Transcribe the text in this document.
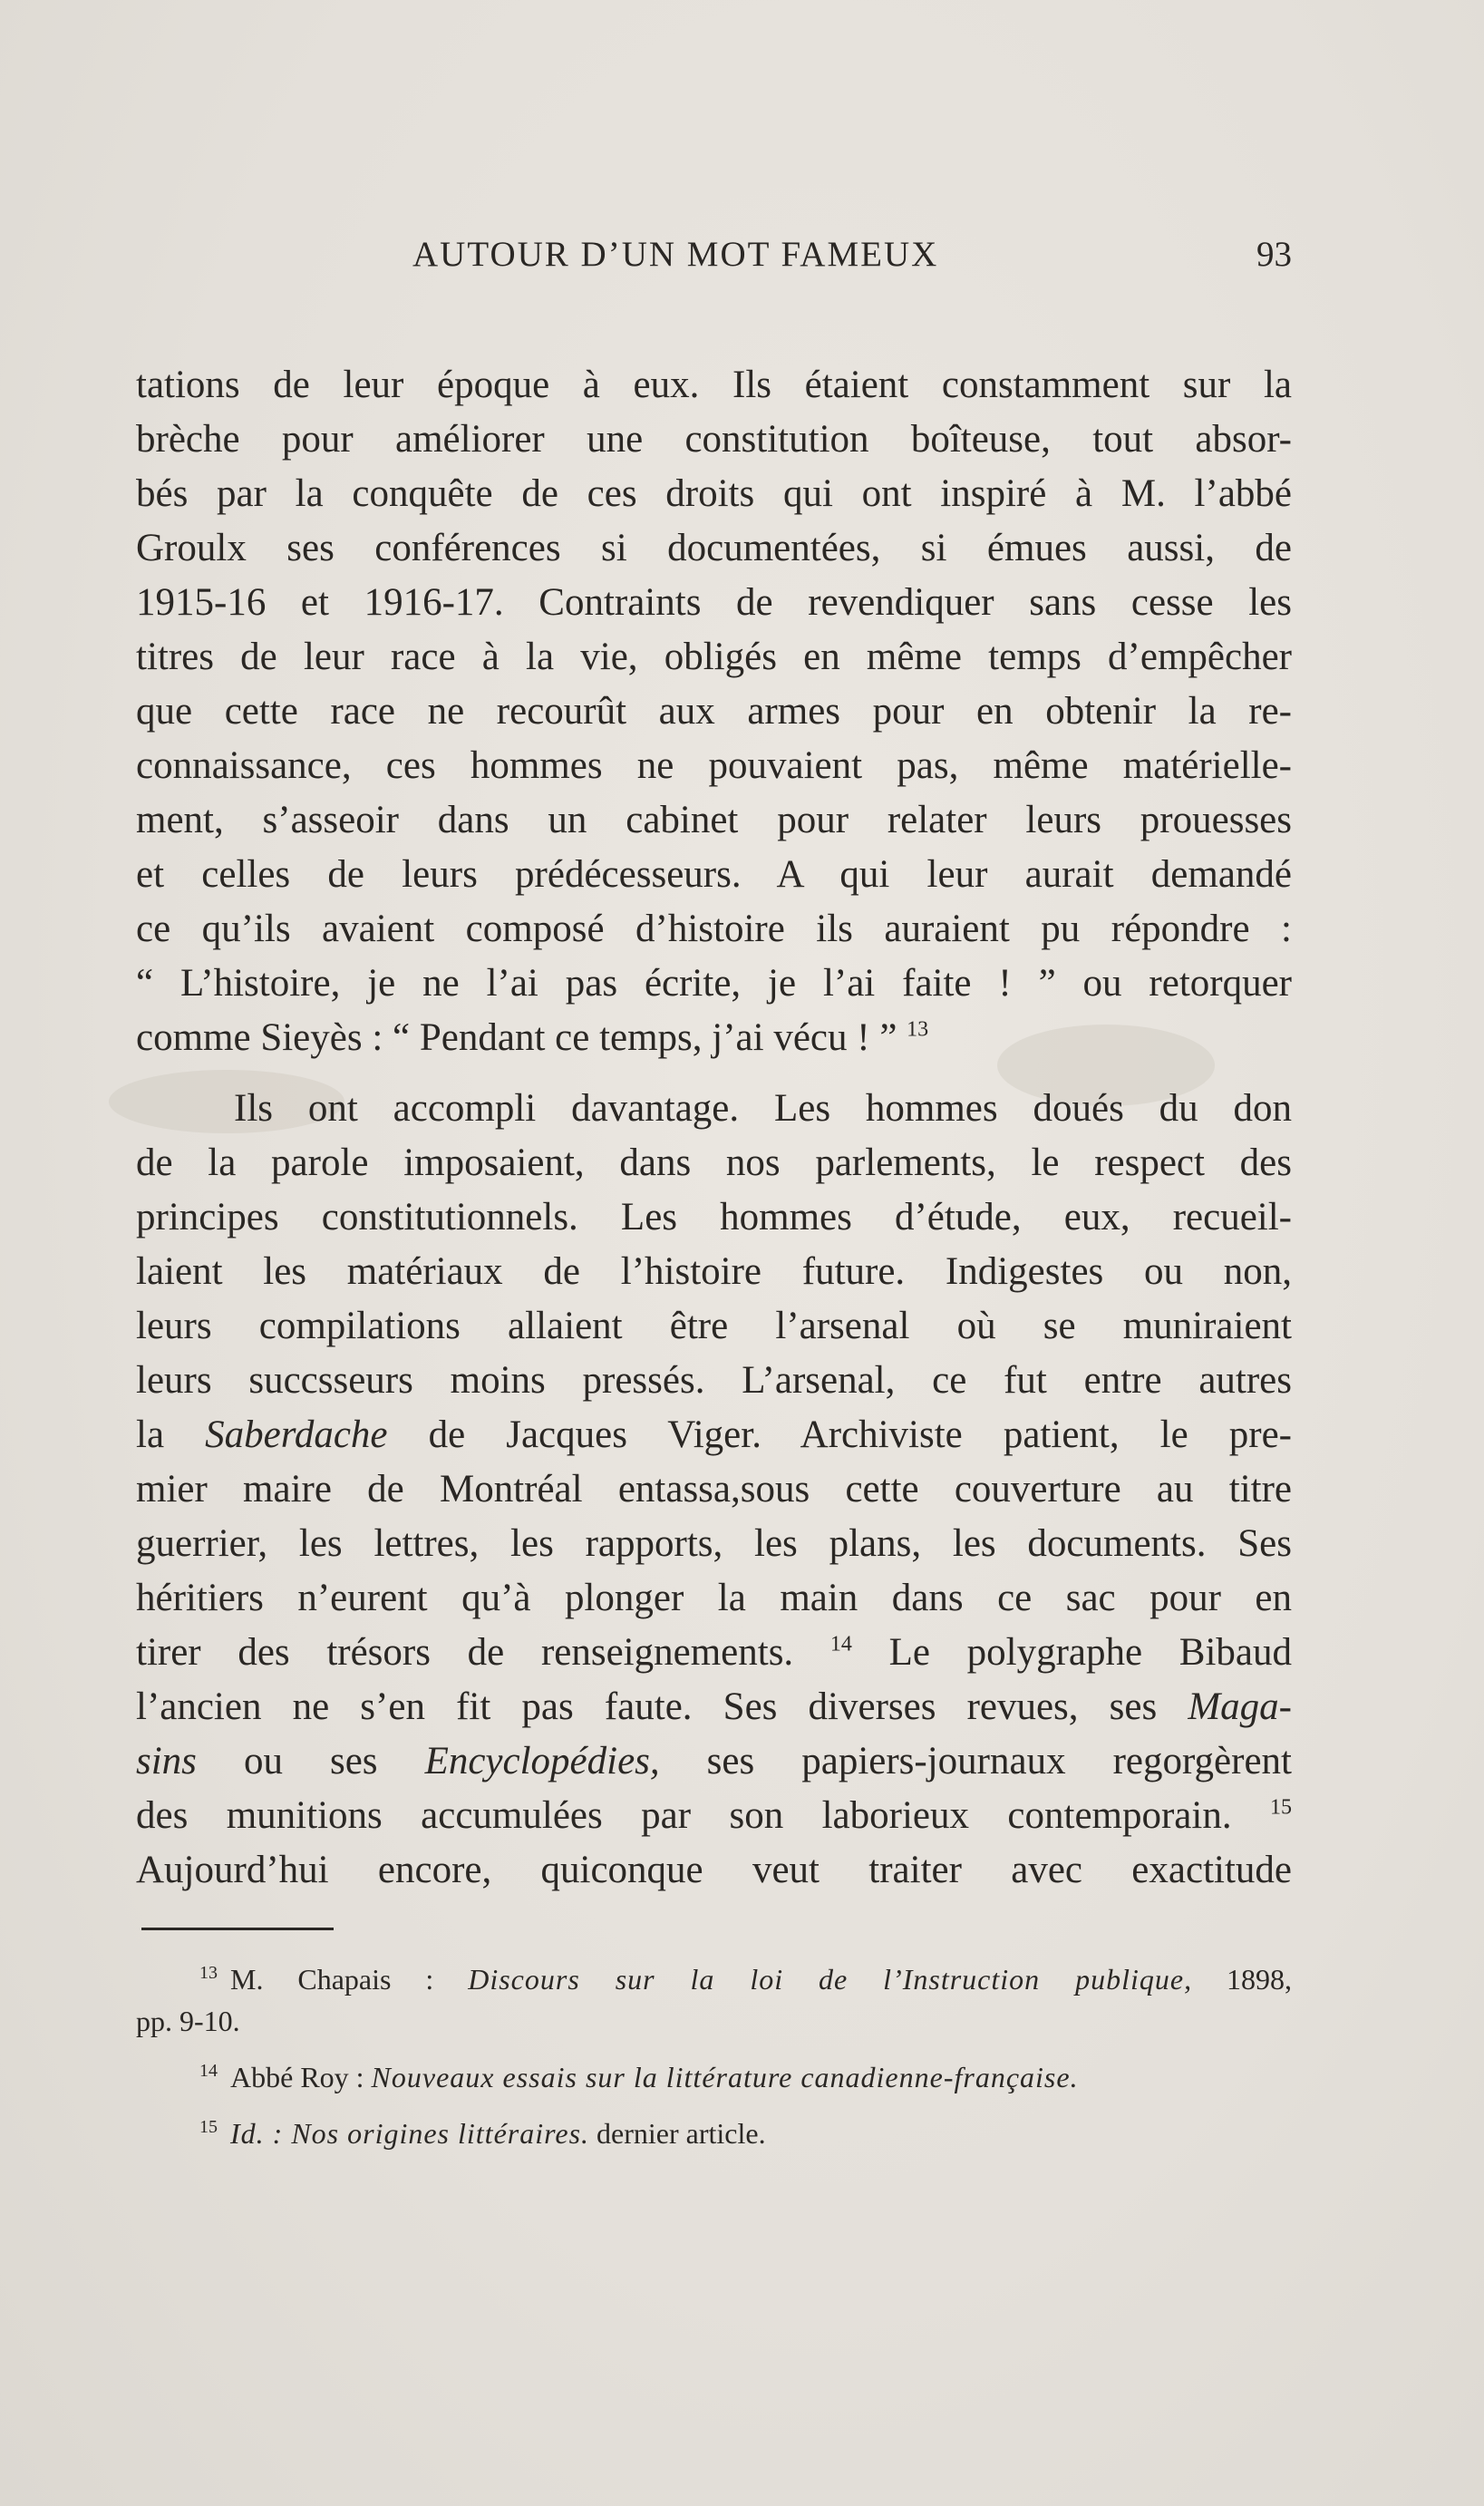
AUTOUR D’UN MOT FAMEUX	93
tations de leur époque à eux. Ils étaient constamment sur la
brèche pour améliorer une constitution boîteuse, tout absor-
bés par la conquête de ces droits qui ont inspiré à M. l’abbé
Groulx ses conférences si documentées, si émues aussi, de
1915-16 et 1916-17. Contraints de revendiquer sans cesse les
titres de leur race à la vie, obligés en même temps d’empêcher
que cette race ne recourût aux armes pour en obtenir la re-
connaissance, ces hommes ne pouvaient pas, même matérielle-
ment, s’asseoir dans un cabinet pour relater leurs prouesses
et celles de leurs prédécesseurs. A qui leur aurait demandé
ce qu’ils avaient composé d’histoire ils auraient pu répondre :
“ L’histoire, je ne l’ai pas écrite, je l’ai faite ! ” ou retorquer
comme Sieyès : “ Pendant ce temps, j’ai vécu ! ” $^{13}$
Ils ont accompli davantage. Les hommes doués du don
de la parole imposaient, dans nos parlements, le respect des
principes constitutionnels. Les hommes d’étude, eux, recueil-
laient les matériaux de l’histoire future. Indigestes ou non,
leurs compilations allaient être l’arsenal où se muniraient
leurs succsseurs moins pressés. L’arsenal, ce fut entre autres
la Saberdache de Jacques Viger. Archiviste patient, le pre-
mier maire de Montréal entassa,sous cette couverture au titre
guerrier, les lettres, les rapports, les plans, les documents. Ses
héritiers n’eurent qu’à plonger la main dans ce sac pour en
tirer des trésors de renseignements. $^{14}$ Le polygraphe Bibaud
l’ancien ne s’en fit pas faute. Ses diverses revues, ses Maga-
sins ou ses Encyclopédies, ses papiers-journaux regorgèrent
des munitions accumulées par son laborieux contemporain. $^{15}$
Aujourd’hui encore, quiconque veut traiter avec exactitude
$^{13}$ M. Chapais : Discours sur la loi de l’Instruction publique, 1898,
pp. 9-10.
$^{14}$ Abbé Roy : Nouveaux essais sur la littérature canadienne-française.
$^{15}$ Id. : Nos origines littéraires. dernier article.
